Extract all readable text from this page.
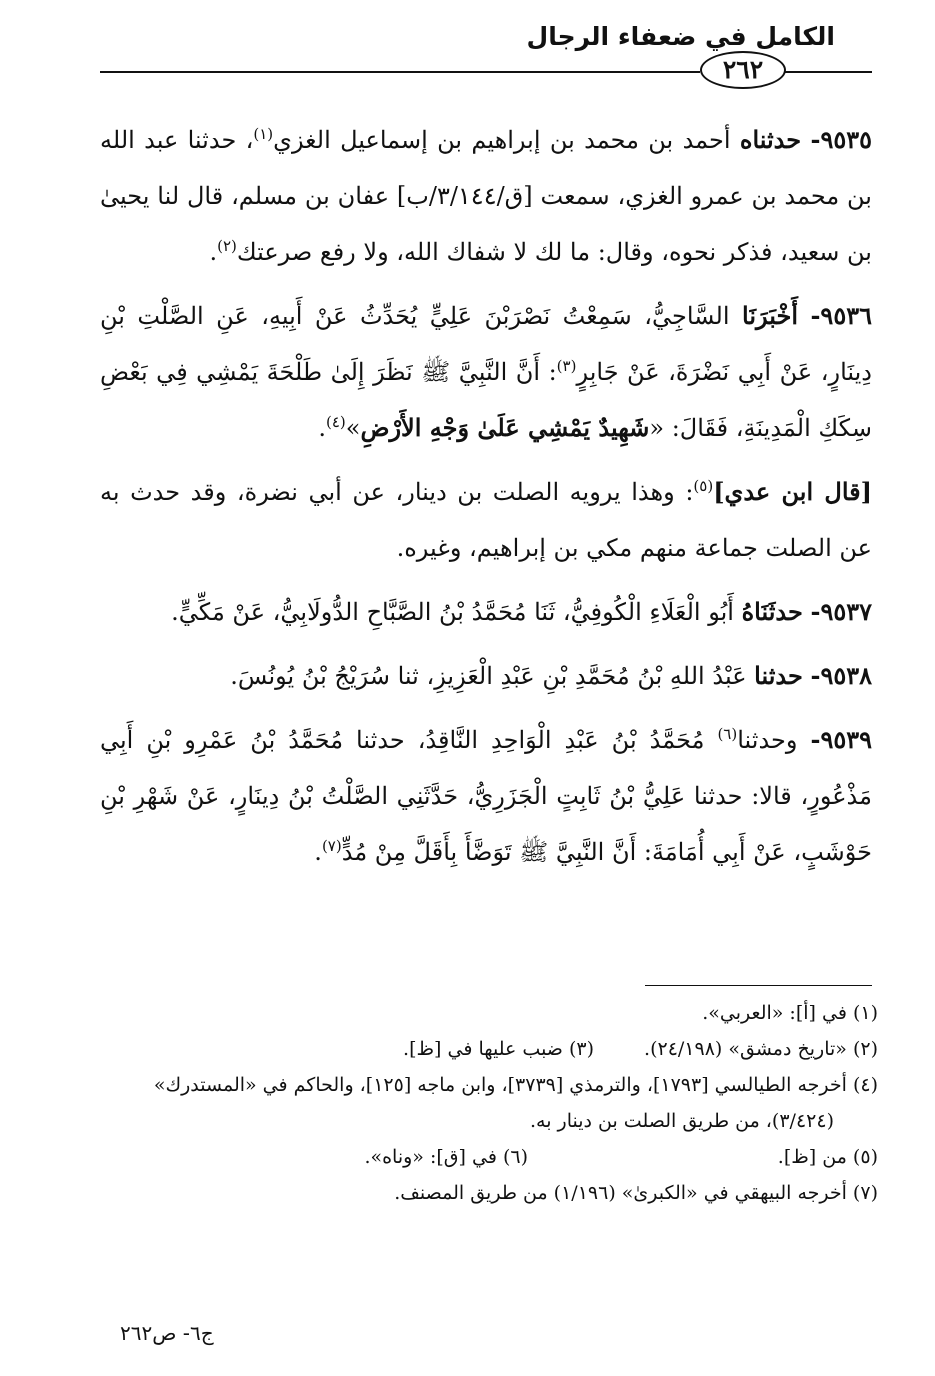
الكامل في ضعفاء الرجال
٢٦٢

٩٥٣٥- حدثناه أحمد بن محمد بن إبراهيم بن إسماعيل الغزي$^{(١)}$، حدثنا عبد الله بن محمد بن عمرو الغزي، سمعت [ق/٣/١٤٤/ب] عفان بن مسلم، قال لنا يحيىٰ بن سعيد، فذكر نحوه، وقال: ما لك لا شفاك الله، ولا رفع صرعتك$^{(٢)}$.

٩٥٣٦- أَخْبَرَنَا السَّاجِيُّ، سَمِعْتُ نَصْرَبْنَ عَلِيٍّ يُحَدِّثُ عَنْ أَبِيهِ، عَنِ الصَّلْتِ بْنِ دِينَارٍ، عَنْ أَبِي نَضْرَةَ، عَنْ جَابِرٍ$^{(٣)}$: أَنَّ النَّبِيَّ ﷺ نَظَرَ إِلَىٰ طَلْحَةَ يَمْشِي فِي بَعْضِ سِكَكِ الْمَدِينَةِ، فَقَالَ: «شَهِيدٌ يَمْشِي عَلَىٰ وَجْهِ الأَرْضِ»$^{(٤)}$.

[قال ابن عدي]$^{(٥)}$: وهذا يرويه الصلت بن دينار، عن أبي نضرة، وقد حدث به عن الصلت جماعة منهم مكي بن إبراهيم، وغيره.

٩٥٣٧- حدثَنَاهُ أَبُو الْعَلَاءِ الْكُوفِيُّ، ثَنَا مُحَمَّدُ بْنُ الصَّبَّاحِ الدُّولَابِيُّ، عَنْ مَكِّيٍّ.

٩٥٣٨- حدثنا عَبْدُ اللهِ بْنُ مُحَمَّدِ بْنِ عَبْدِ الْعَزِيزِ، ثنا سُرَيْجُ بْنُ يُونُسَ.

٩٥٣٩- وحدثنا$^{(٦)}$ مُحَمَّدُ بْنُ عَبْدِ الْوَاحِدِ النَّاقِدُ، حدثنا مُحَمَّدُ بْنُ عَمْرِو بْنِ أَبِي مَذْعُورٍ، قالا: حدثنا عَلِيُّ بْنُ ثَابِتٍ الْجَزَرِيُّ، حَدَّثَنِي الصَّلْتُ بْنُ دِينَارٍ، عَنْ شَهْرِ بْنِ حَوْشَبٍ، عَنْ أَبِي أُمَامَةَ: أَنَّ النَّبِيَّ ﷺ تَوَضَّأَ بِأَقَلَّ مِنْ مُدٍّ$^{(٧)}$.

(١) في [أ]: «العربي».
(٢) «تاريخ دمشق» (٢٤/١٩٨).
(٣) ضبب عليها في [ظ].
(٤) أخرجه الطيالسي [١٧٩٣]، والترمذي [٣٧٣٩]، وابن ماجه [١٢٥]، والحاكم في «المستدرك»
(٣/٤٢٤)، من طريق الصلت بن دينار به.
(٥) من [ظ].
(٦) في [ق]: «وناه».
(٧) أخرجه البيهقي في «الكبرىٰ» (١/١٩٦) من طريق المصنف.
ج٦- ص٢٦٢
